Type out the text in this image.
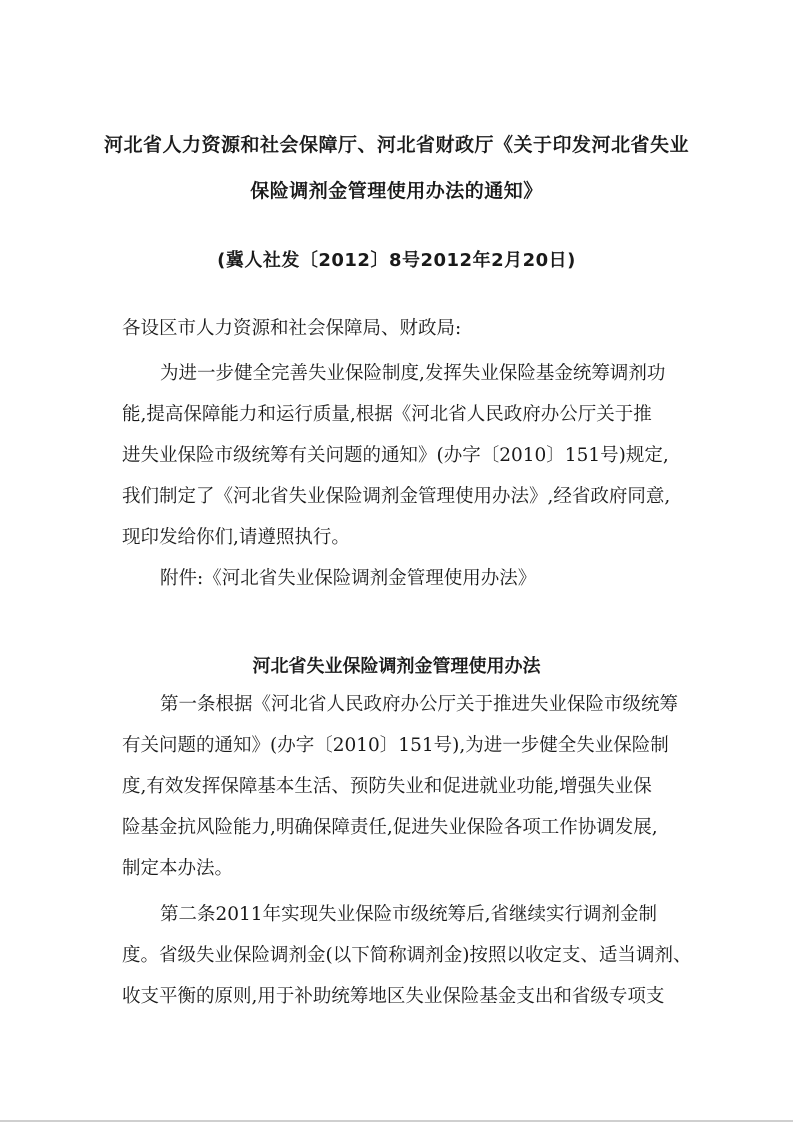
河北省人力资源和社会保障厅、河北省财政厅《关于印发河北省失业
保险调剂金管理使用办法的通知》
(冀人社发〔2012〕8号2012年2月20日)
各设区市人力资源和社会保障局、财政局:
为进一步健全完善失业保险制度,发挥失业保险基金统筹调剂功
能,提高保障能力和运行质量,根据《河北省人民政府办公厅关于推
进失业保险市级统筹有关问题的通知》(办字〔2010〕151号)规定,
我们制定了《河北省失业保险调剂金管理使用办法》,经省政府同意,
现印发给你们,请遵照执行。
附件:《河北省失业保险调剂金管理使用办法》
河北省失业保险调剂金管理使用办法
第一条根据《河北省人民政府办公厅关于推进失业保险市级统筹
有关问题的通知》(办字〔2010〕151号),为进一步健全失业保险制
度,有效发挥保障基本生活、预防失业和促进就业功能,增强失业保
险基金抗风险能力,明确保障责任,促进失业保险各项工作协调发展,
制定本办法。
第二条2011年实现失业保险市级统筹后,省继续实行调剂金制
度。省级失业保险调剂金(以下简称调剂金)按照以收定支、适当调剂、
收支平衡的原则,用于补助统筹地区失业保险基金支出和省级专项支
